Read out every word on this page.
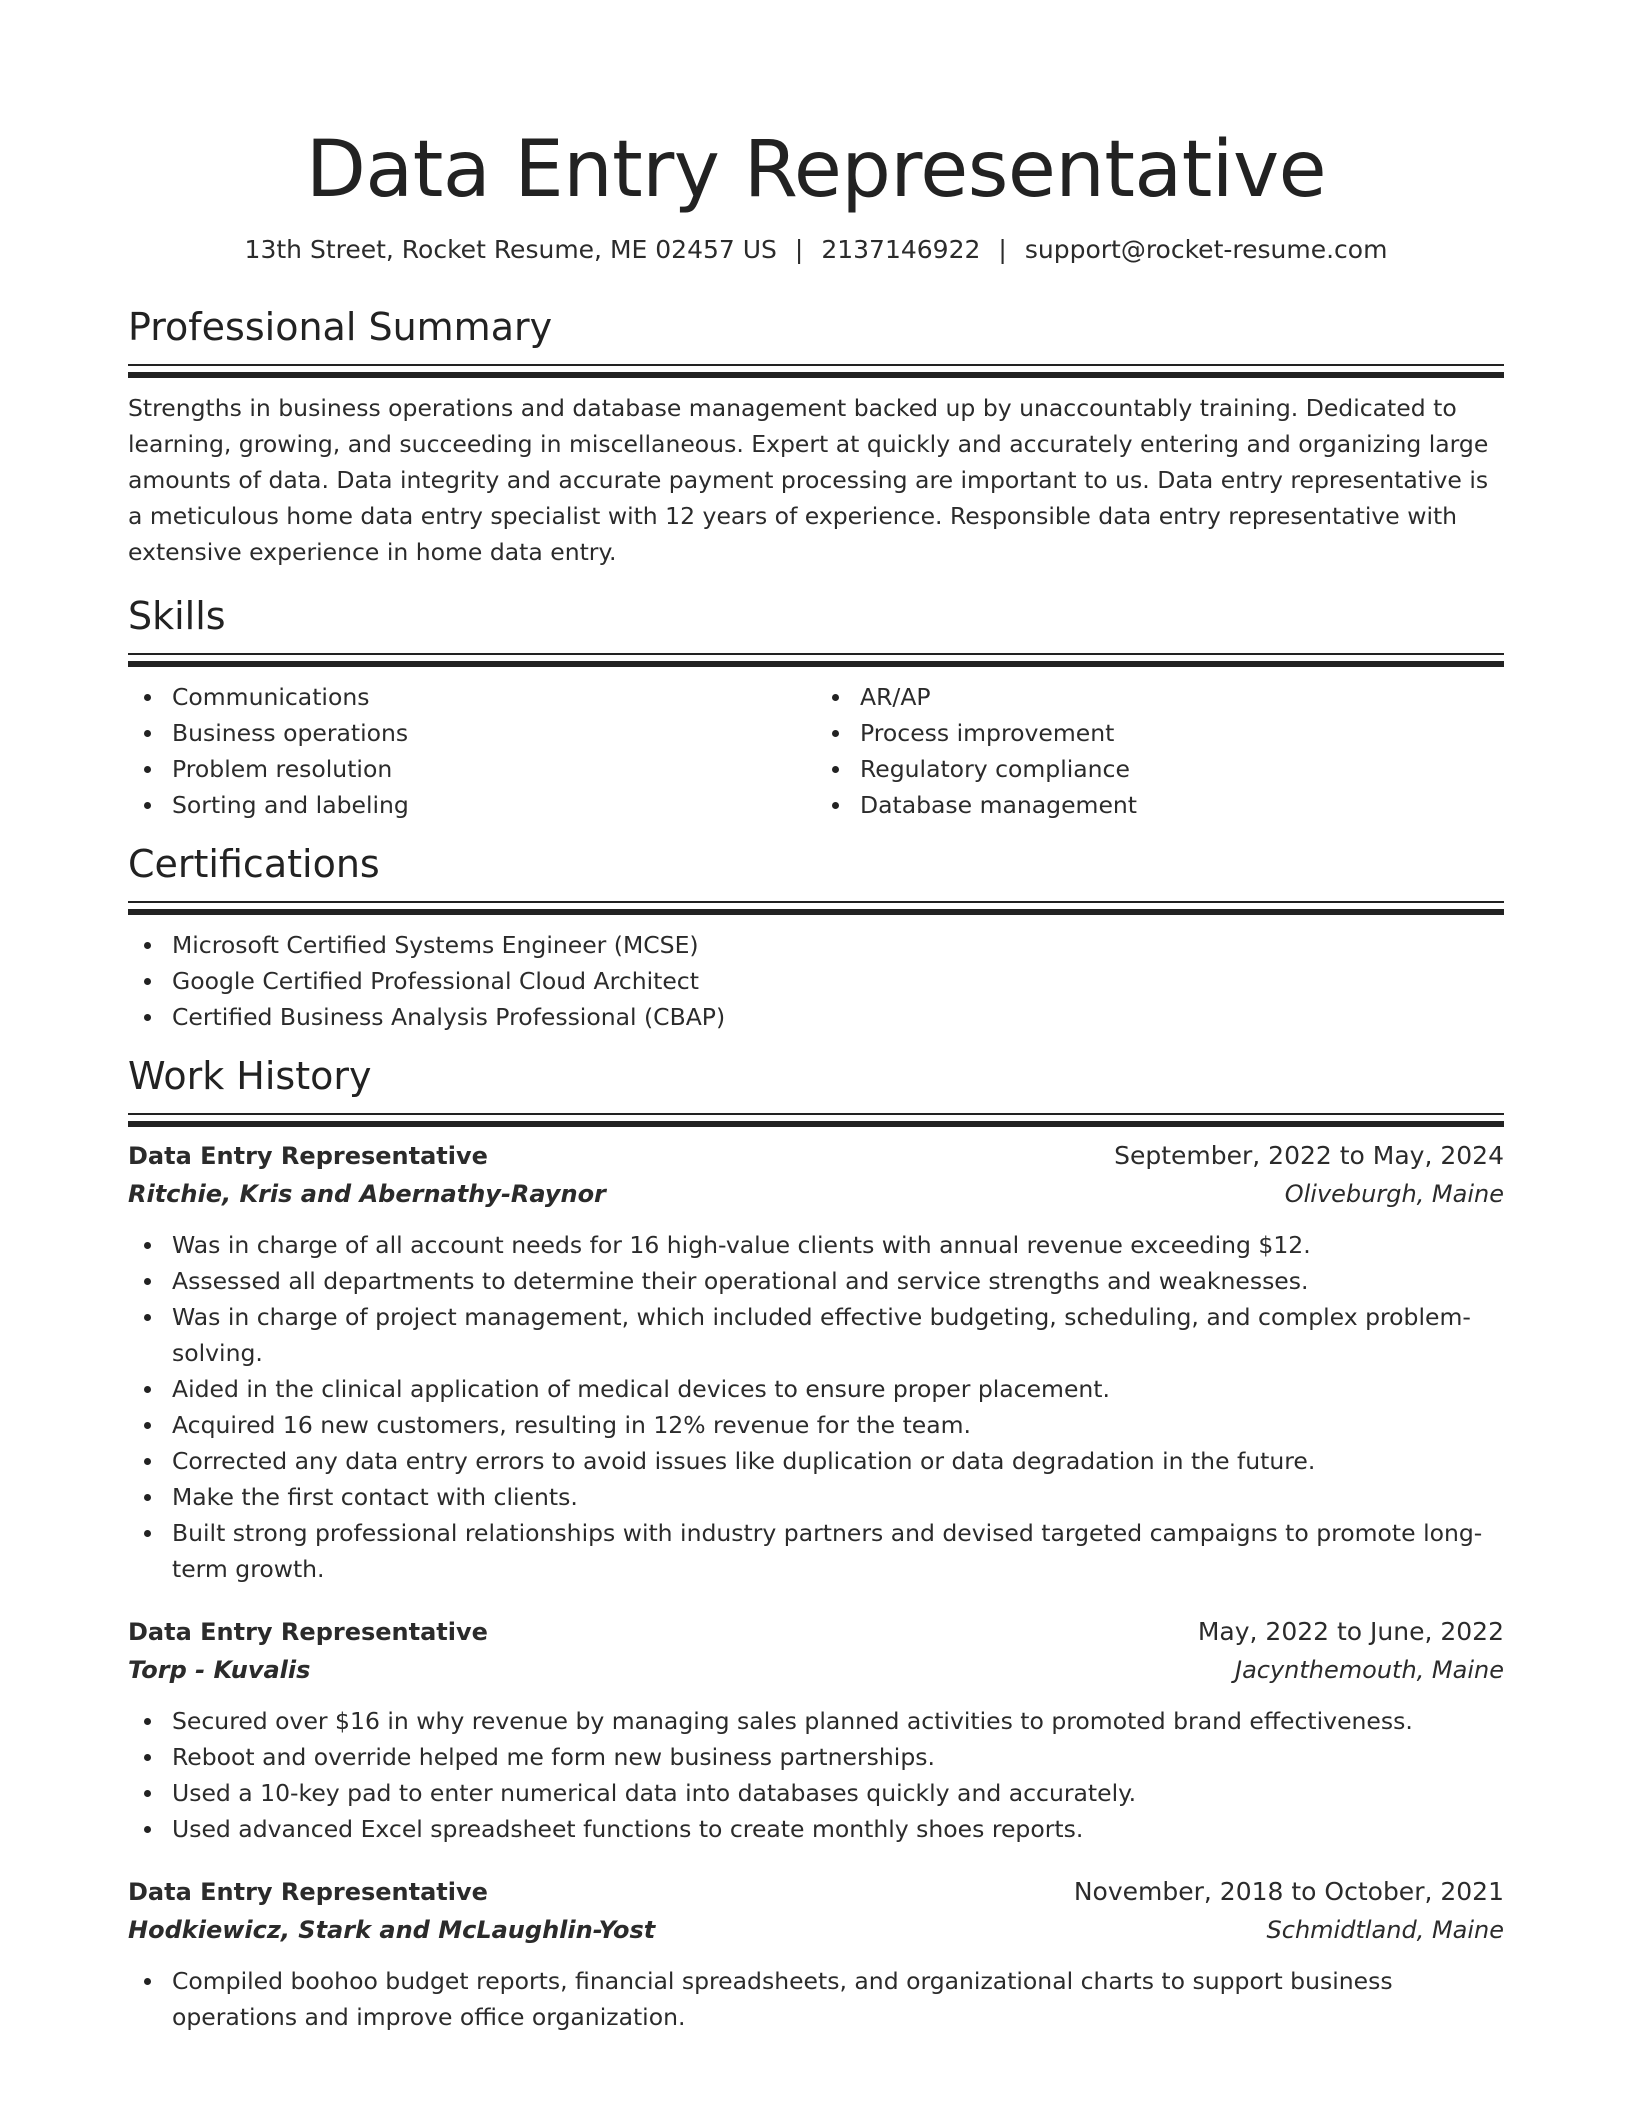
Data Entry Representative
13th Street, Rocket Resume, ME 02457 US | 2137146922 | support@rocket-resume.com
Professional Summary

Strengths in business operations and database management backed up by unaccountably training. Dedicated to learning, growing, and succeeding in miscellaneous. Expert at quickly and accurately entering and organizing large amounts of data. Data integrity and accurate payment processing are important to us. Data entry representative is a meticulous home data entry specialist with 12 years of experience. Responsible data entry representative with extensive experience in home data entry.

Skills
Communications
Business operations
Problem resolution
Sorting and labeling
AR/AP
Process improvement
Regulatory compliance
Database management
Certifications
Microsoft Certified Systems Engineer (MCSE)
Google Certified Professional Cloud Architect
Certified Business Analysis Professional (CBAP)
Work History
Data Entry Representative	September, 2022 to May, 2024
Ritchie, Kris and Abernathy-Raynor	Oliveburgh, Maine
Was in charge of all account needs for 16 high-value clients with annual revenue exceeding $12.
Assessed all departments to determine their operational and service strengths and weaknesses.
Was in charge of project management, which included effective budgeting, scheduling, and complex problem-solving.
Aided in the clinical application of medical devices to ensure proper placement.
Acquired 16 new customers, resulting in 12% revenue for the team.
Corrected any data entry errors to avoid issues like duplication or data degradation in the future.
Make the first contact with clients.
Built strong professional relationships with industry partners and devised targeted campaigns to promote long-term growth.
Data Entry Representative	May, 2022 to June, 2022
Torp - Kuvalis	Jacynthemouth, Maine
Secured over $16 in why revenue by managing sales planned activities to promoted brand effectiveness.
Reboot and override helped me form new business partnerships.
Used a 10-key pad to enter numerical data into databases quickly and accurately.
Used advanced Excel spreadsheet functions to create monthly shoes reports.
Data Entry Representative	November, 2018 to October, 2021
Hodkiewicz, Stark and McLaughlin-Yost	Schmidtland, Maine
Compiled boohoo budget reports, financial spreadsheets, and organizational charts to support business operations and improve office organization.
